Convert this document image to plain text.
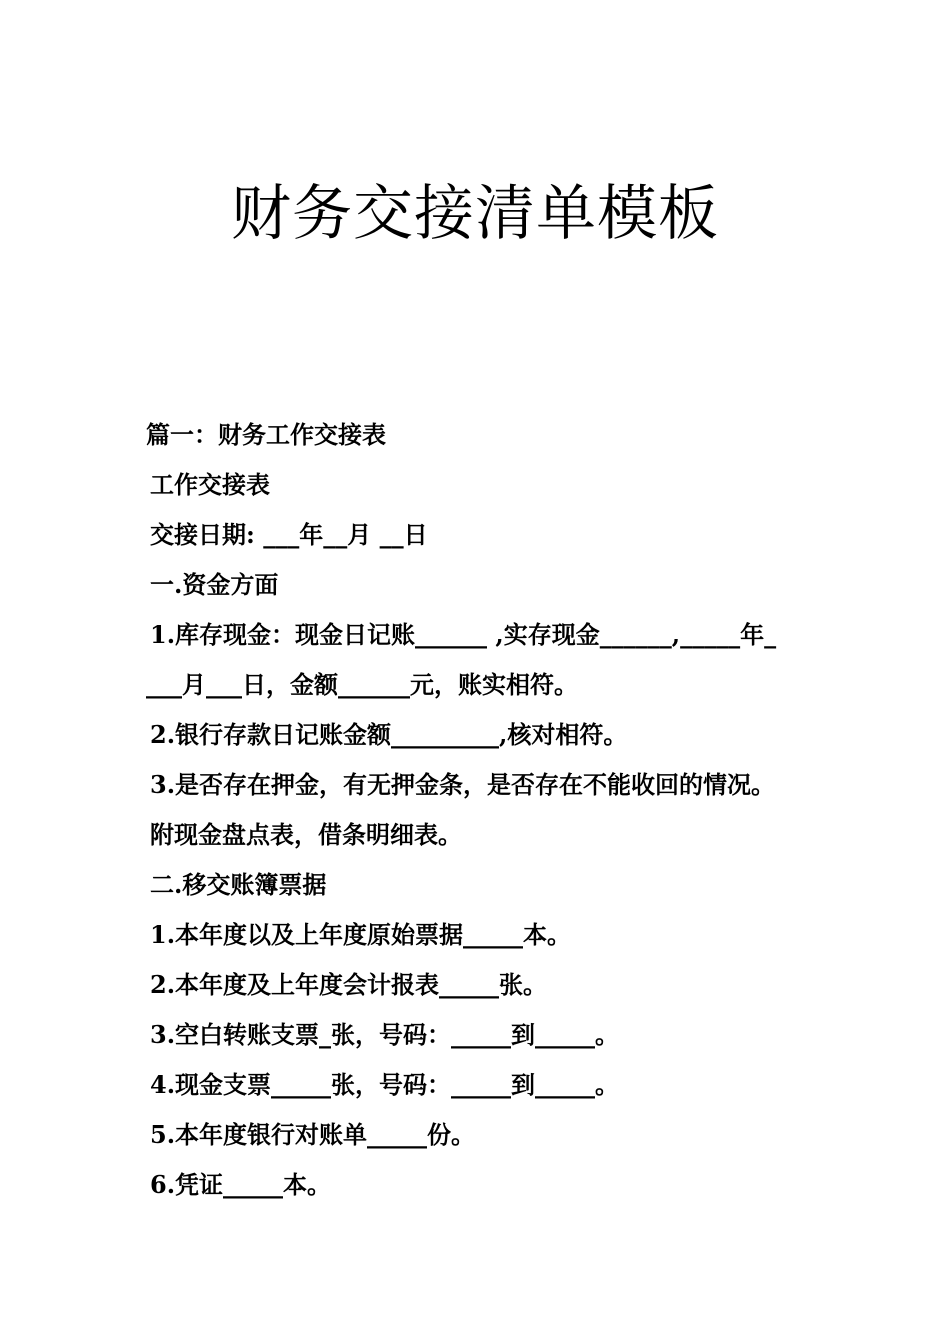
财务交接清单模板
篇一：财务工作交接表
工作交接表
交接日期: ___年__月 __日
一.资金方面
1.库存现金：现金日记账______ ,实存现金______,_____年_
___月___日，金额______元，账实相符。
2.银行存款日记账金额_________,核对相符。
3.是否存在押金，有无押金条，是否存在不能收回的情况。
附现金盘点表，借条明细表。
二.移交账簿票据
1.本年度以及上年度原始票据_____本。
2.本年度及上年度会计报表_____张。
3.空白转账支票_张，号码：_____到_____。
4.现金支票_____张，号码：_____到_____。
5.本年度银行对账单_____份。
6.凭证_____本。
